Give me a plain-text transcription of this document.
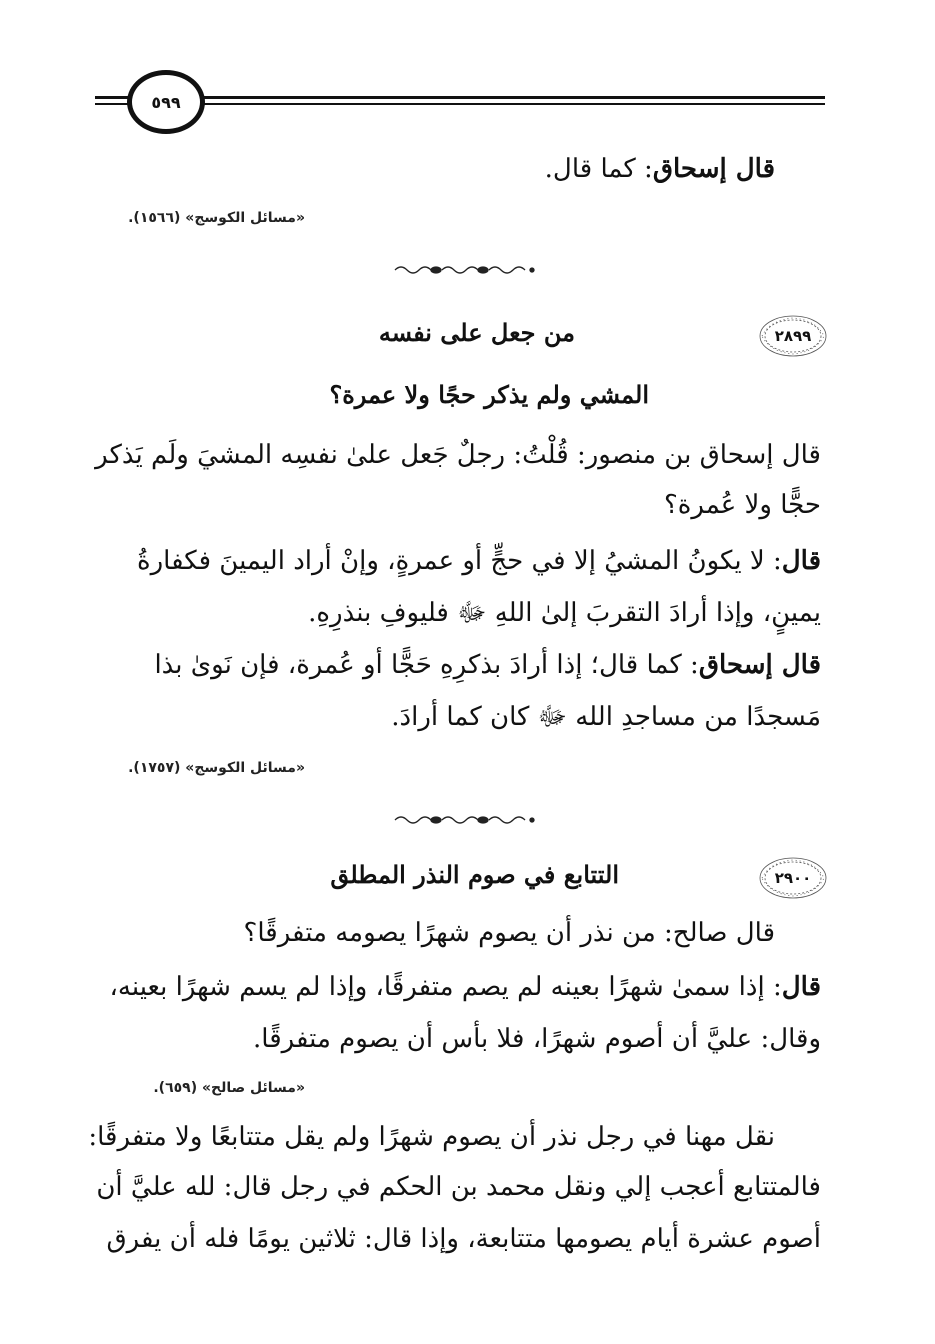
٥٩٩
قال إسحاق: كما قال.
«مسائل الكوسج» (١٥٦٦).
٢٨٩٩
من جعل على نفسه
المشي ولم يذكر حجًا ولا عمرة؟
قال إسحاق بن منصور: قُلْتُ: رجلٌ جَعل علىٰ نفسِه المشيَ ولَم يَذكر
حجًّا ولا عُمرة؟
قال: لا يكونُ المشيُ إلا في حجٍّ أو عمرةٍ، وإنْ أراد اليمينَ فكفارةُ
يمينٍ، وإذا أرادَ التقربَ إلىٰ اللهِ ﷻ فليوفِ بنذرِهِ.
قال إسحاق: كما قال؛ إذا أرادَ بذكرِهِ حَجًّا أو عُمرة، فإن نَوىٰ بذا
مَسجدًا من مساجدِ الله ﷻ كان كما أرادَ.
«مسائل الكوسج» (١٧٥٧).
٢٩٠٠
التتابع في صوم النذر المطلق
قال صالح: من نذر أن يصوم شهرًا يصومه متفرقًا؟
قال: إذا سمىٰ شهرًا بعينه لم يصم متفرقًا، وإذا لم يسم شهرًا بعينه،
وقال: عليَّ أن أصوم شهرًا، فلا بأس أن يصوم متفرقًا.
«مسائل صالح» (٦٥٩).
نقل مهنا في رجل نذر أن يصوم شهرًا ولم يقل متتابعًا ولا متفرقًا:
فالمتتابع أعجب إلي ونقل محمد بن الحكم في رجل قال: لله عليَّ أن
أصوم عشرة أيام يصومها متتابعة، وإذا قال: ثلاثين يومًا فله أن يفرق
